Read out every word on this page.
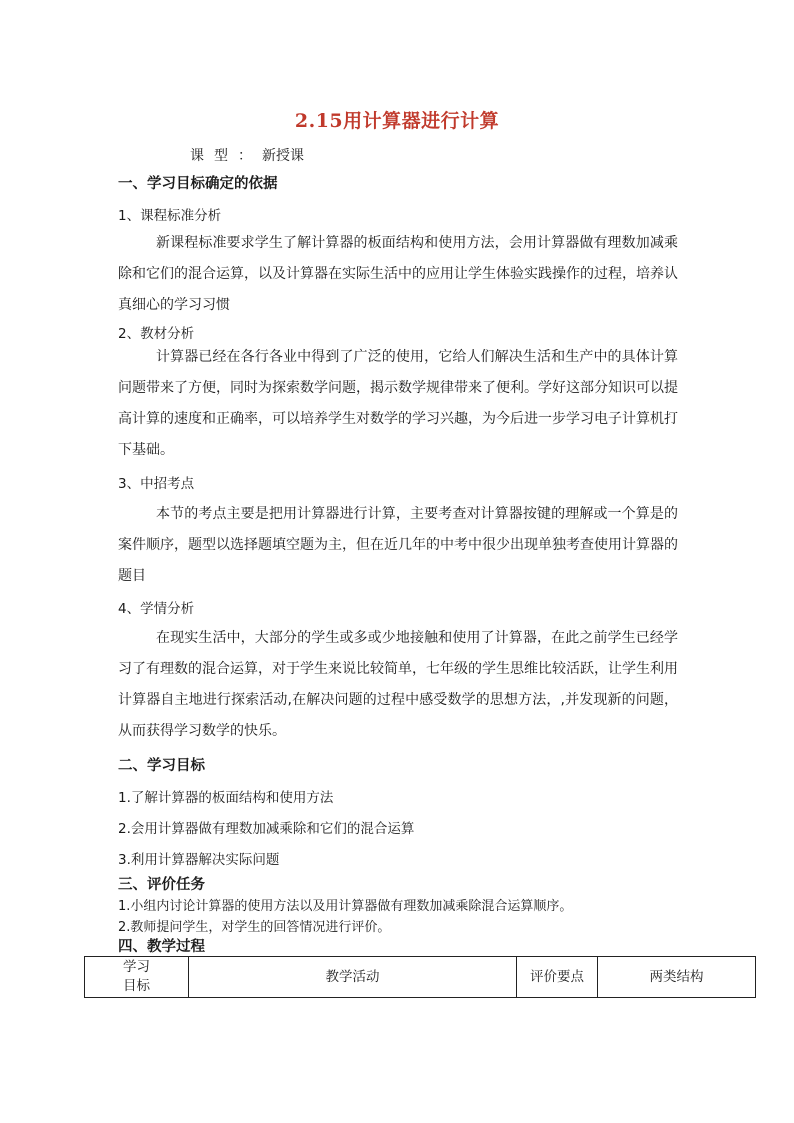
2.15用计算器进行计算
课型：新授课
一、学习目标确定的依据
1、课程标准分析
新课程标准要求学生了解计算器的板面结构和使用方法，会用计算器做有理数加减乘除和它们的混合运算，以及计算器在实际生活中的应用让学生体验实践操作的过程，培养认真细心的学习习惯
2、教材分析
计算器已经在各行各业中得到了广泛的使用，它给人们解决生活和生产中的具体计算问题带来了方便，同时为探索数学问题，揭示数学规律带来了便利。学好这部分知识可以提高计算的速度和正确率，可以培养学生对数学的学习兴趣，为今后进一步学习电子计算机打下基础。
3、中招考点
本节的考点主要是把用计算器进行计算，主要考查对计算器按键的理解或一个算是的案件顺序，题型以选择题填空题为主，但在近几年的中考中很少出现单独考查使用计算器的题目
4、学情分析
在现实生活中，大部分的学生或多或少地接触和使用了计算器，在此之前学生已经学习了有理数的混合运算，对于学生来说比较简单，七年级的学生思维比较活跃，让学生利用计算器自主地进行探索活动,在解决问题的过程中感受数学的思想方法，,并发现新的问题，从而获得学习数学的快乐。
二、学习目标
1.了解计算器的板面结构和使用方法
2.会用计算器做有理数加减乘除和它们的混合运算
3.利用计算器解决实际问题
三、评价任务
1.小组内讨论计算器的使用方法以及用计算器做有理数加减乘除混合运算顺序。
2.教师提问学生，对学生的回答情况进行评价。
四、教学过程
学习
目标	教学活动	评价要点	两类结构
